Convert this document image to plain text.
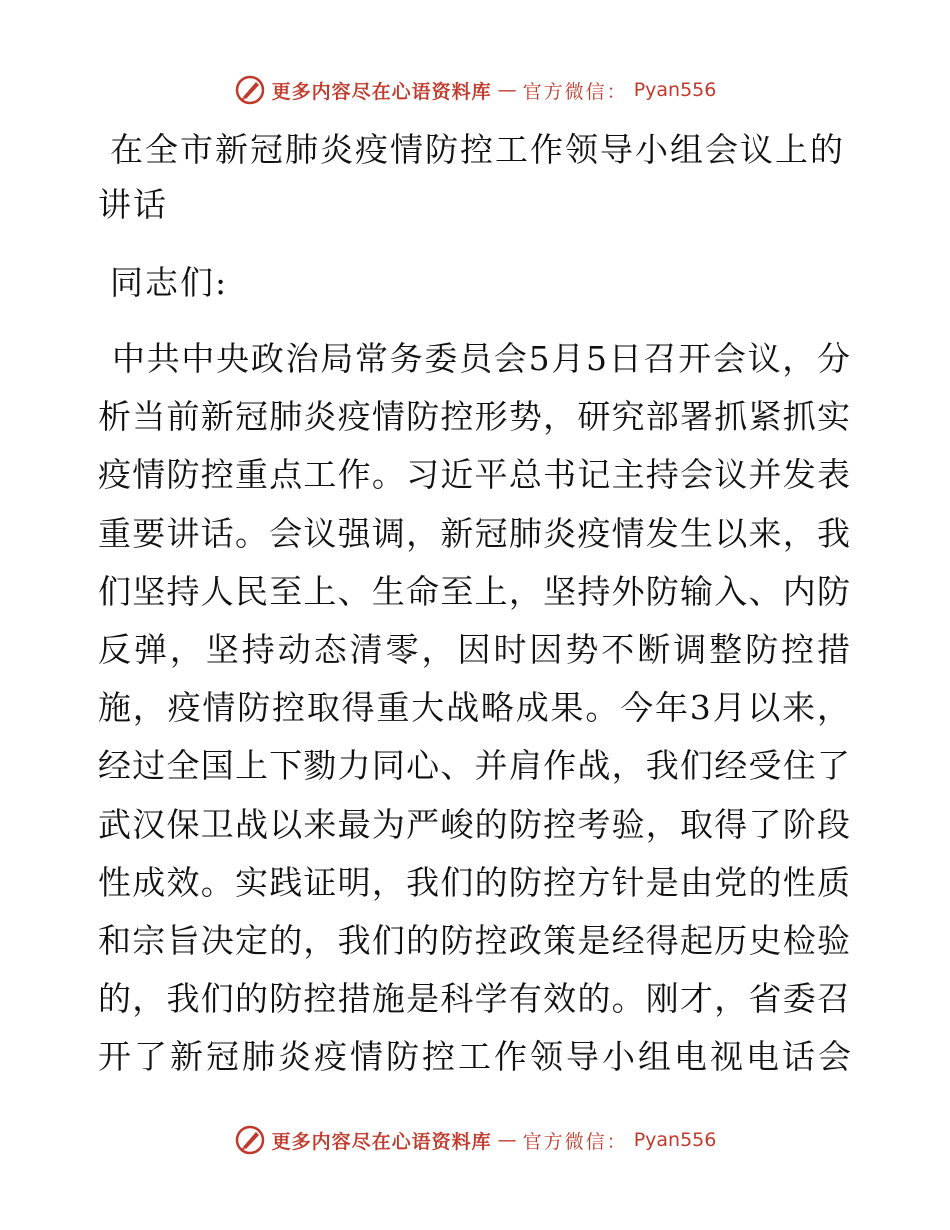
更多内容尽在心语资料库 — 官方微信： Pyan556
在全市新冠肺炎疫情防控工作领导小组会议上的讲话
同志们:
中共中央政治局常务委员会5月5日召开会议，分
析当前新冠肺炎疫情防控形势，研究部署抓紧抓实
疫情防控重点工作。习近平总书记主持会议并发表
重要讲话。会议强调，新冠肺炎疫情发生以来，我
们坚持人民至上、生命至上，坚持外防输入、内防
反弹，坚持动态清零，因时因势不断调整防控措
施，疫情防控取得重大战略成果。今年3月以来，
经过全国上下勠力同心、并肩作战，我们经受住了
武汉保卫战以来最为严峻的防控考验，取得了阶段
性成效。实践证明，我们的防控方针是由党的性质
和宗旨决定的，我们的防控政策是经得起历史检验
的，我们的防控措施是科学有效的。刚才，省委召
开了新冠肺炎疫情防控工作领导小组电视电话会
更多内容尽在心语资料库 — 官方微信： Pyan556
